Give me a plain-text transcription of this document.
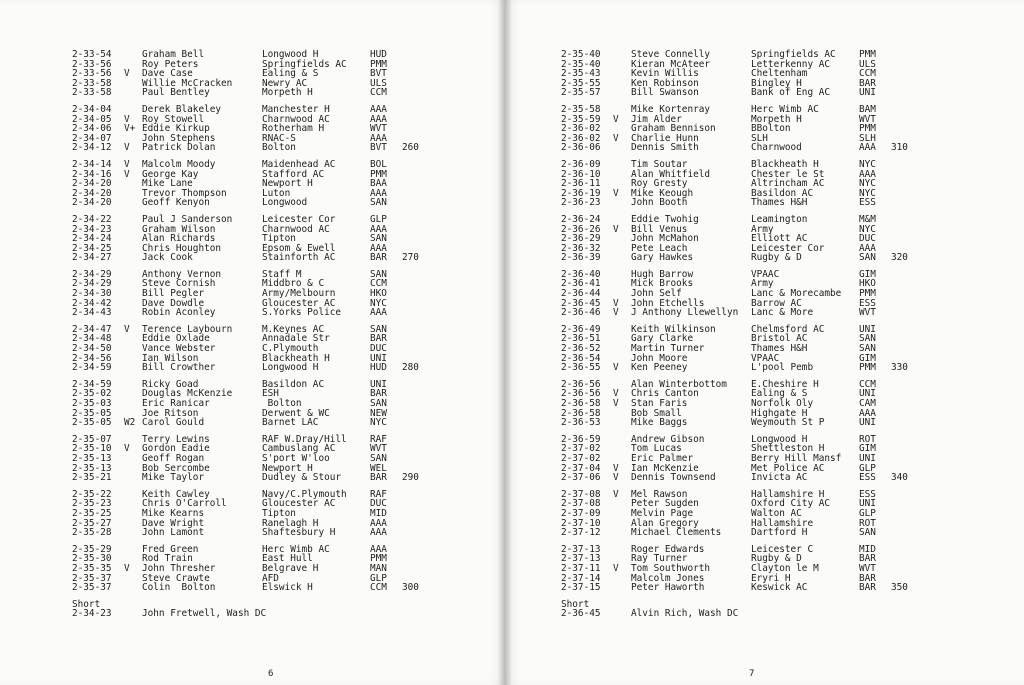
2-33-54	Graham Bell	Longwood H	HUD
2-33-56	Roy Peters	Springfields AC	PMM
2-33-56	V	Dave Case	Ealing & S	BVT
2-33-58	Willie McCracken	Newry AC	ULS
2-33-58	Paul Bentley	Morpeth H	CCM
2-34-04	Derek Blakeley	Manchester H	AAA
2-34-05	V	Roy Stowell	Charnwood AC	AAA
2-34-06	V+ Eddie Kirkup	Rotherham H	WVT
2-34-07	John Stephens	RNAC-S	AAA
2-34-12	V	Patrick Dolan	Bolton	BVT	260
2-34-14	V	Malcolm Moody	Maidenhead AC	BOL
2-34-16	V	George Kay	Stafford AC	PMM
2-34-20	Mike Lane	Newport H	BAA
2-34-20	Trevor Thompson	Luton	AAA
2-34-20	Geoff Kenyon	Longwood	SAN
2-34-22	Paul J Sanderson	Leicester Cor	GLP
2-34-23	Graham Wilson	Charnwood AC	AAA
2-34-24	Alan Richards	Tipton	SAN
2-34-25	Chris Houghton	Epsom & Ewell	AAA
2-34-27	Jack Cook	Stainforth AC	BAR	270
2-34-29	Anthony Vernon	Staff M	SAN
2-34-29	Steve Cornish	Middbro & C	CCM
2-34-30	Bill Pegler	Army/Melbourn	HKO
2-34-42	Dave Dowdle	Gloucester AC	NYC
2-34-43	Robin Aconley	S.Yorks Police	AAA
2-34-47	V	Terence Laybourn	M.Keynes AC	SAN
2-34-48	Eddie Oxlade	Annadale Str	BAR
2-34-50	Vance Webster	C.Plymouth	DUC
2-34-56	Ian Wilson	Blackheath H	UNI
2-34-59	Bill Crowther	Longwood H	HUD	280
2-34-59	Ricky Goad	Basildon AC	UNI
2-35-02	Douglas McKenzie	ESH	BAR
2-35-03	Eric Ranicar	Bolton	SAN
2-35-05	Joe Ritson	Derwent & WC	NEW
2-35-05	W2 Carol Gould	Barnet LAC	NYC
2-35-07	Terry Lewins	RAF W.Dray/Hill	RAF
2-35-10	V	Gordon Eadie	Cambuslang AC	WVT
2-35-13	Geoff Rogan	S'port W'loo	SAN
2-35-13	Bob Sercombe	Newport H	WEL
2-35-21	Mike Taylor	Dudley & Stour	BAR	290
2-35-22	Keith Cawley	Navy/C.Plymouth	RAF
2-35-23	Chris O'Carroll	Gloucester AC	DUC
2-35-25	Mike Kearns	Tipton	MID
2-35-27	Dave Wright	Ranelagh H	AAA
2-35-28	John Lamont	Shaftesbury H	AAA
2-35-29	Fred Green	Herc Wimb AC	AAA
2-35-30	Rod Train	East Hull	PMM
2-35-35	V	John Thresher	Belgrave H	MAN
2-35-37	Steve Crawte	AFD	GLP
2-35-37	Colin  Bolton	Elswick H	CCM	300
Short
2-34-23	John Fretwell, Wash DC
6
2-35-40	Steve Connelly	Springfields AC	PMM
2-35-40	Kieran McAteer	Letterkenny AC	ULS
2-35-43	Kevin Willis	Cheltenham	CCM
2-35-55	Ken Robinson	Bingley H	BAR
2-35-57	Bill Swanson	Bank of Eng AC	UNI
2-35-58	Mike Kortenray	Herc Wimb AC	BAM
2-35-59	V	Jim Alder	Morpeth H	WVT
2-36-02	Graham Bennison	BBolton	PMM
2-36-02	V	Charlie Hunn	SLH	SLH
2-36-06	Dennis Smith	Charnwood	AAA	310
2-36-09	Tim Soutar	Blackheath H	NYC
2-36-10	Alan Whitfield	Chester le St	AAA
2-36-11	Roy Gresty	Altrincham AC	NYC
2-36-19	V	Mike Keough	Basildon AC	NYC
2-36-23	John Booth	Thames H&H	ESS
2-36-24	Eddie Twohig	Leamington	M&M
2-36-26	V	Bill Venus	Army	NYC
2-36-29	John McMahon	Elliott AC	DUC
2-36-32	Pete Leach	Leicester Cor	AAA
2-36-39	Gary Hawkes	Rugby & D	SAN	320
2-36-40	Hugh Barrow	VPAAC	GIM
2-36-41	Mick Brooks	Army	HKO
2-36-44	John Self	Lanc & Morecambe	PMM
2-36-45	V	John Etchells	Barrow AC	ESS
2-36-46	V	J Anthony Llewellyn	Lanc & More	WVT
2-36-49	Keith Wilkinson	Chelmsford AC	UNI
2-36-51	Gary Clarke	Bristol AC	SAN
2-36-52	Martin Turner	Thames H&H	SAN
2-36-54	John Moore	VPAAC	GIM
2-36-55	V	Ken Peeney	L'pool Pemb	PMM	330
2-36-56	Alan Winterbottom	E.Cheshire H	CCM
2-36-56	V	Chris Canton	Ealing & S	UNI
2-36-58	V	Stan Faris	Norfolk Oly	CAM
2-36-58	Bob Small	Highgate H	AAA
2-36-53	Mike Baggs	Weymouth St P	UNI
2-36-59	Andrew Gibson	Longwood H	ROT
2-37-02	Tom Lucas	Shettleston H	GIM
2-37-02	Eric Palmer	Berry Hill Mansf	UNI
2-37-04	V	Ian McKenzie	Met Police AC	GLP
2-37-06	V	Dennis Townsend	Invicta AC	ESS	340
2-37-08	V	Mel Rawson	Hallamshire H	ESS
2-37-08	Peter Sugden	Oxford City AC	UNI
2-37-09	Melvin Page	Walton AC	GLP
2-37-10	Alan Gregory	Hallamshire	ROT
2-37-12	Michael Clements	Dartford H	SAN
2-37-13	Roger Edwards	Leicester C	MID
2-37-13	Ray Turner	Rugby & D	BAR
2-37-11	V	Tom Southworth	Clayton le M	WVT
2-37-14	Malcolm Jones	Eryri H	BAR
2-37-15	Peter Haworth	Keswick AC	BAR	350
Short
2-36-45	Alvin Rich, Wash DC
7
